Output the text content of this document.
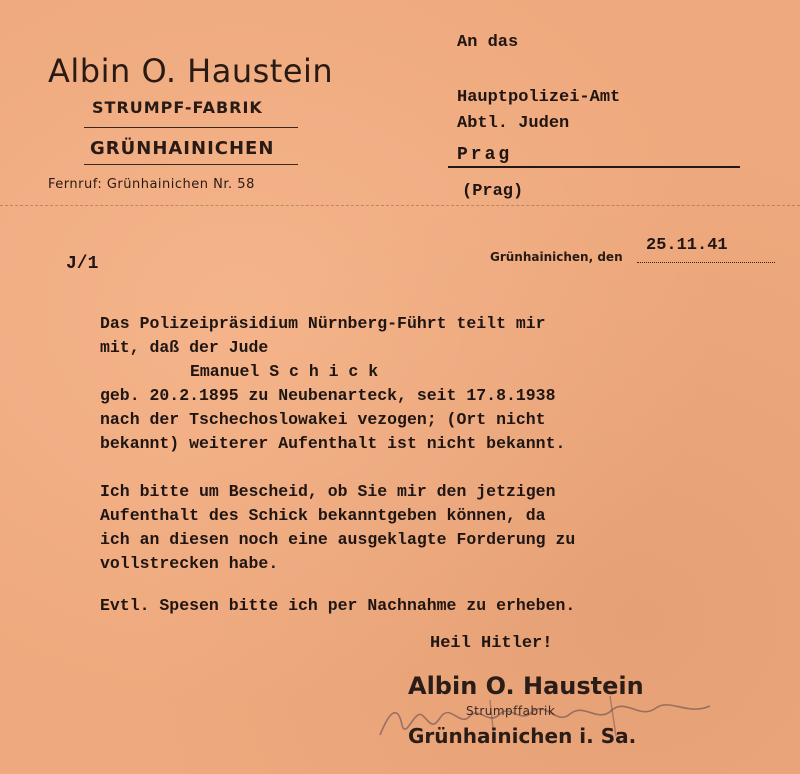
Albin O. Haustein
STRUMPF-FABRIK
GRÜNHAINICHEN
Fernruf: Grünhainichen Nr. 58
An das
Hauptpolizei-Amt
Abtl. Juden
Prag
(Prag)
J/1	Grünhainichen, den
25.11.41
Das Polizeipräsidium Nürnberg-Führt teilt mir
mit, daß der Jude
Emanuel S c h i c k
geb. 20.2.1895 zu Neubenarteck, seit 17.8.1938
nach der Tschechoslowakei vezogen; (Ort nicht
bekannt) weiterer Aufenthalt ist nicht bekannt.
Ich bitte um Bescheid, ob Sie mir den jetzigen
Aufenthalt des Schick bekanntgeben können, da
ich an diesen noch eine ausgeklagte Forderung zu
vollstrecken habe.
Evtl. Spesen bitte ich per Nachnahme zu erheben.
Heil Hitler!
Albin O. Haustein
Strumpffabrik
Grünhainichen i. Sa.
